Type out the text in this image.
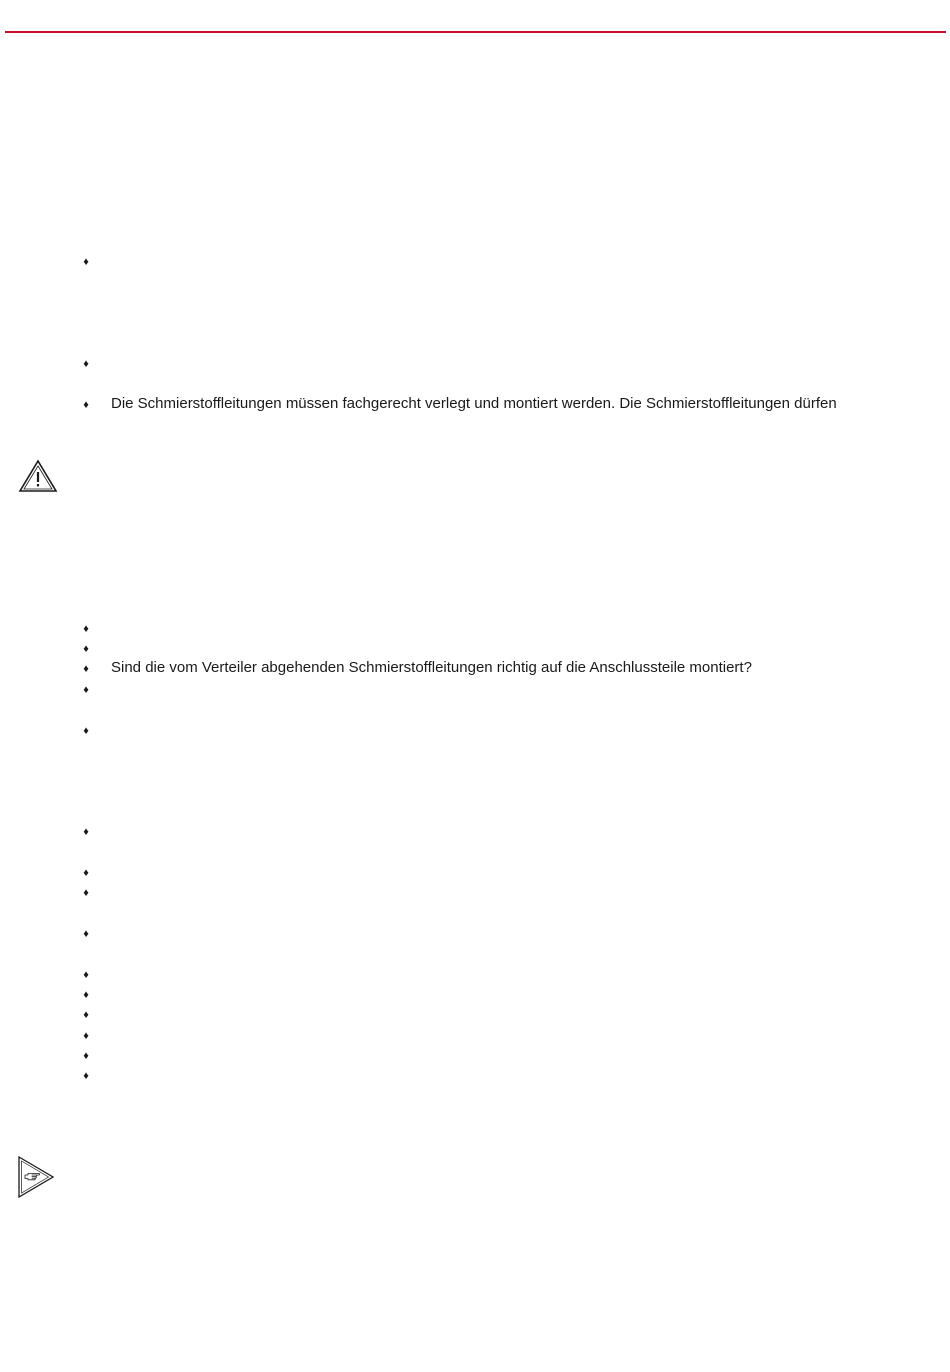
♦
♦
♦ Die Schmierstoffleitungen müssen fachgerecht verlegt und montiert werden. Die Schmierstoffleitungen dürfen
♦
♦
♦ Sind die vom Verteiler abgehenden Schmierstoffleitungen richtig auf die Anschlussteile montiert?
♦
♦
♦
♦
♦
♦
♦
♦
♦
♦
♦
♦
